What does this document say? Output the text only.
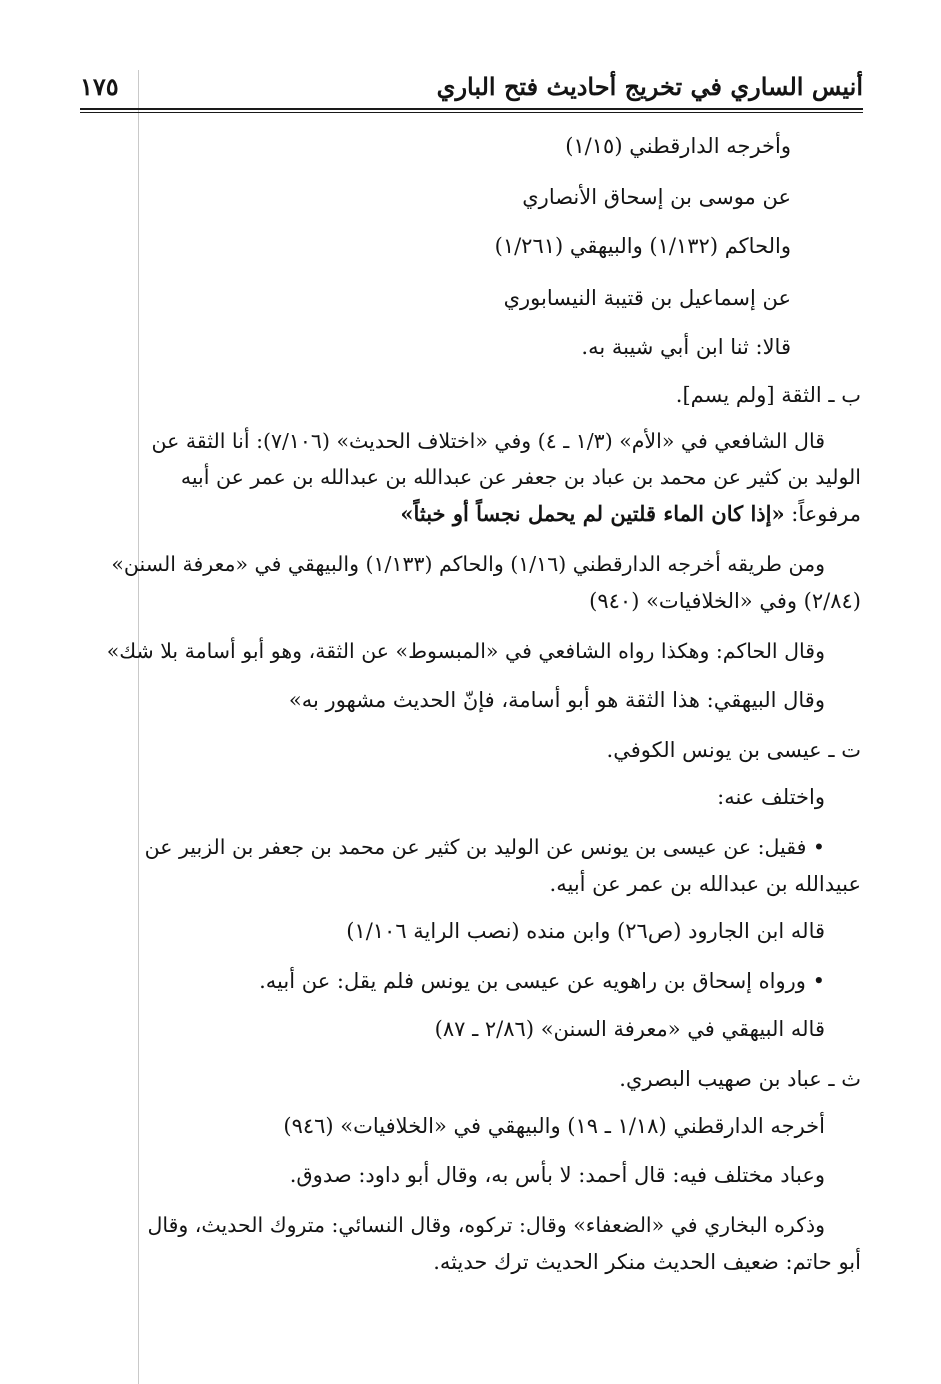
أنيس الساري في تخريج أحاديث فتح الباري
١٧٥
وأخرجه الدارقطني (١/١٥)
عن موسى بن إسحاق الأنصاري
والحاكم (١/١٣٢) والبيهقي (١/٢٦١)
عن إسماعيل بن قتيبة النيسابوري
قالا: ثنا ابن أبي شيبة به.
ب ـ الثقة [ولم يسم].
قال الشافعي في «الأم» (١/٣ ـ ٤) وفي «اختلاف الحديث» (٧/١٠٦): أنا الثقة عن
الوليد بن كثير عن محمد بن عباد بن جعفر عن عبدالله بن عبدالله بن عمر عن أبيه
مرفوعاً: «إذا كان الماء قلتين لم يحمل نجساً أو خبثاً»
ومن طريقه أخرجه الدارقطني (١/١٦) والحاكم (١/١٣٣) والبيهقي في «معرفة السنن»
(٢/٨٤) وفي «الخلافيات» (٩٤٠)
وقال الحاكم: وهكذا رواه الشافعي في «المبسوط» عن الثقة، وهو أبو أسامة بلا شك»
وقال البيهقي: هذا الثقة هو أبو أسامة، فإنّ الحديث مشهور به»
ت ـ عيسى بن يونس الكوفي.
واختلف عنه:
• فقيل: عن عيسى بن يونس عن الوليد بن كثير عن محمد بن جعفر بن الزبير عن
عبيدالله بن عبدالله بن عمر عن أبيه.
قاله ابن الجارود (ص٢٦) وابن منده (نصب الراية ١/١٠٦)
• ورواه إسحاق بن راهويه عن عيسى بن يونس فلم يقل: عن أبيه.
قاله البيهقي في «معرفة السنن» (٢/٨٦ ـ ٨٧)
ث ـ عباد بن صهيب البصري.
أخرجه الدارقطني (١/١٨ ـ ١٩) والبيهقي في «الخلافيات» (٩٤٦)
وعباد مختلف فيه: قال أحمد: لا بأس به، وقال أبو داود: صدوق.
وذكره البخاري في «الضعفاء» وقال: تركوه، وقال النسائي: متروك الحديث، وقال
أبو حاتم: ضعيف الحديث منكر الحديث ترك حديثه.
